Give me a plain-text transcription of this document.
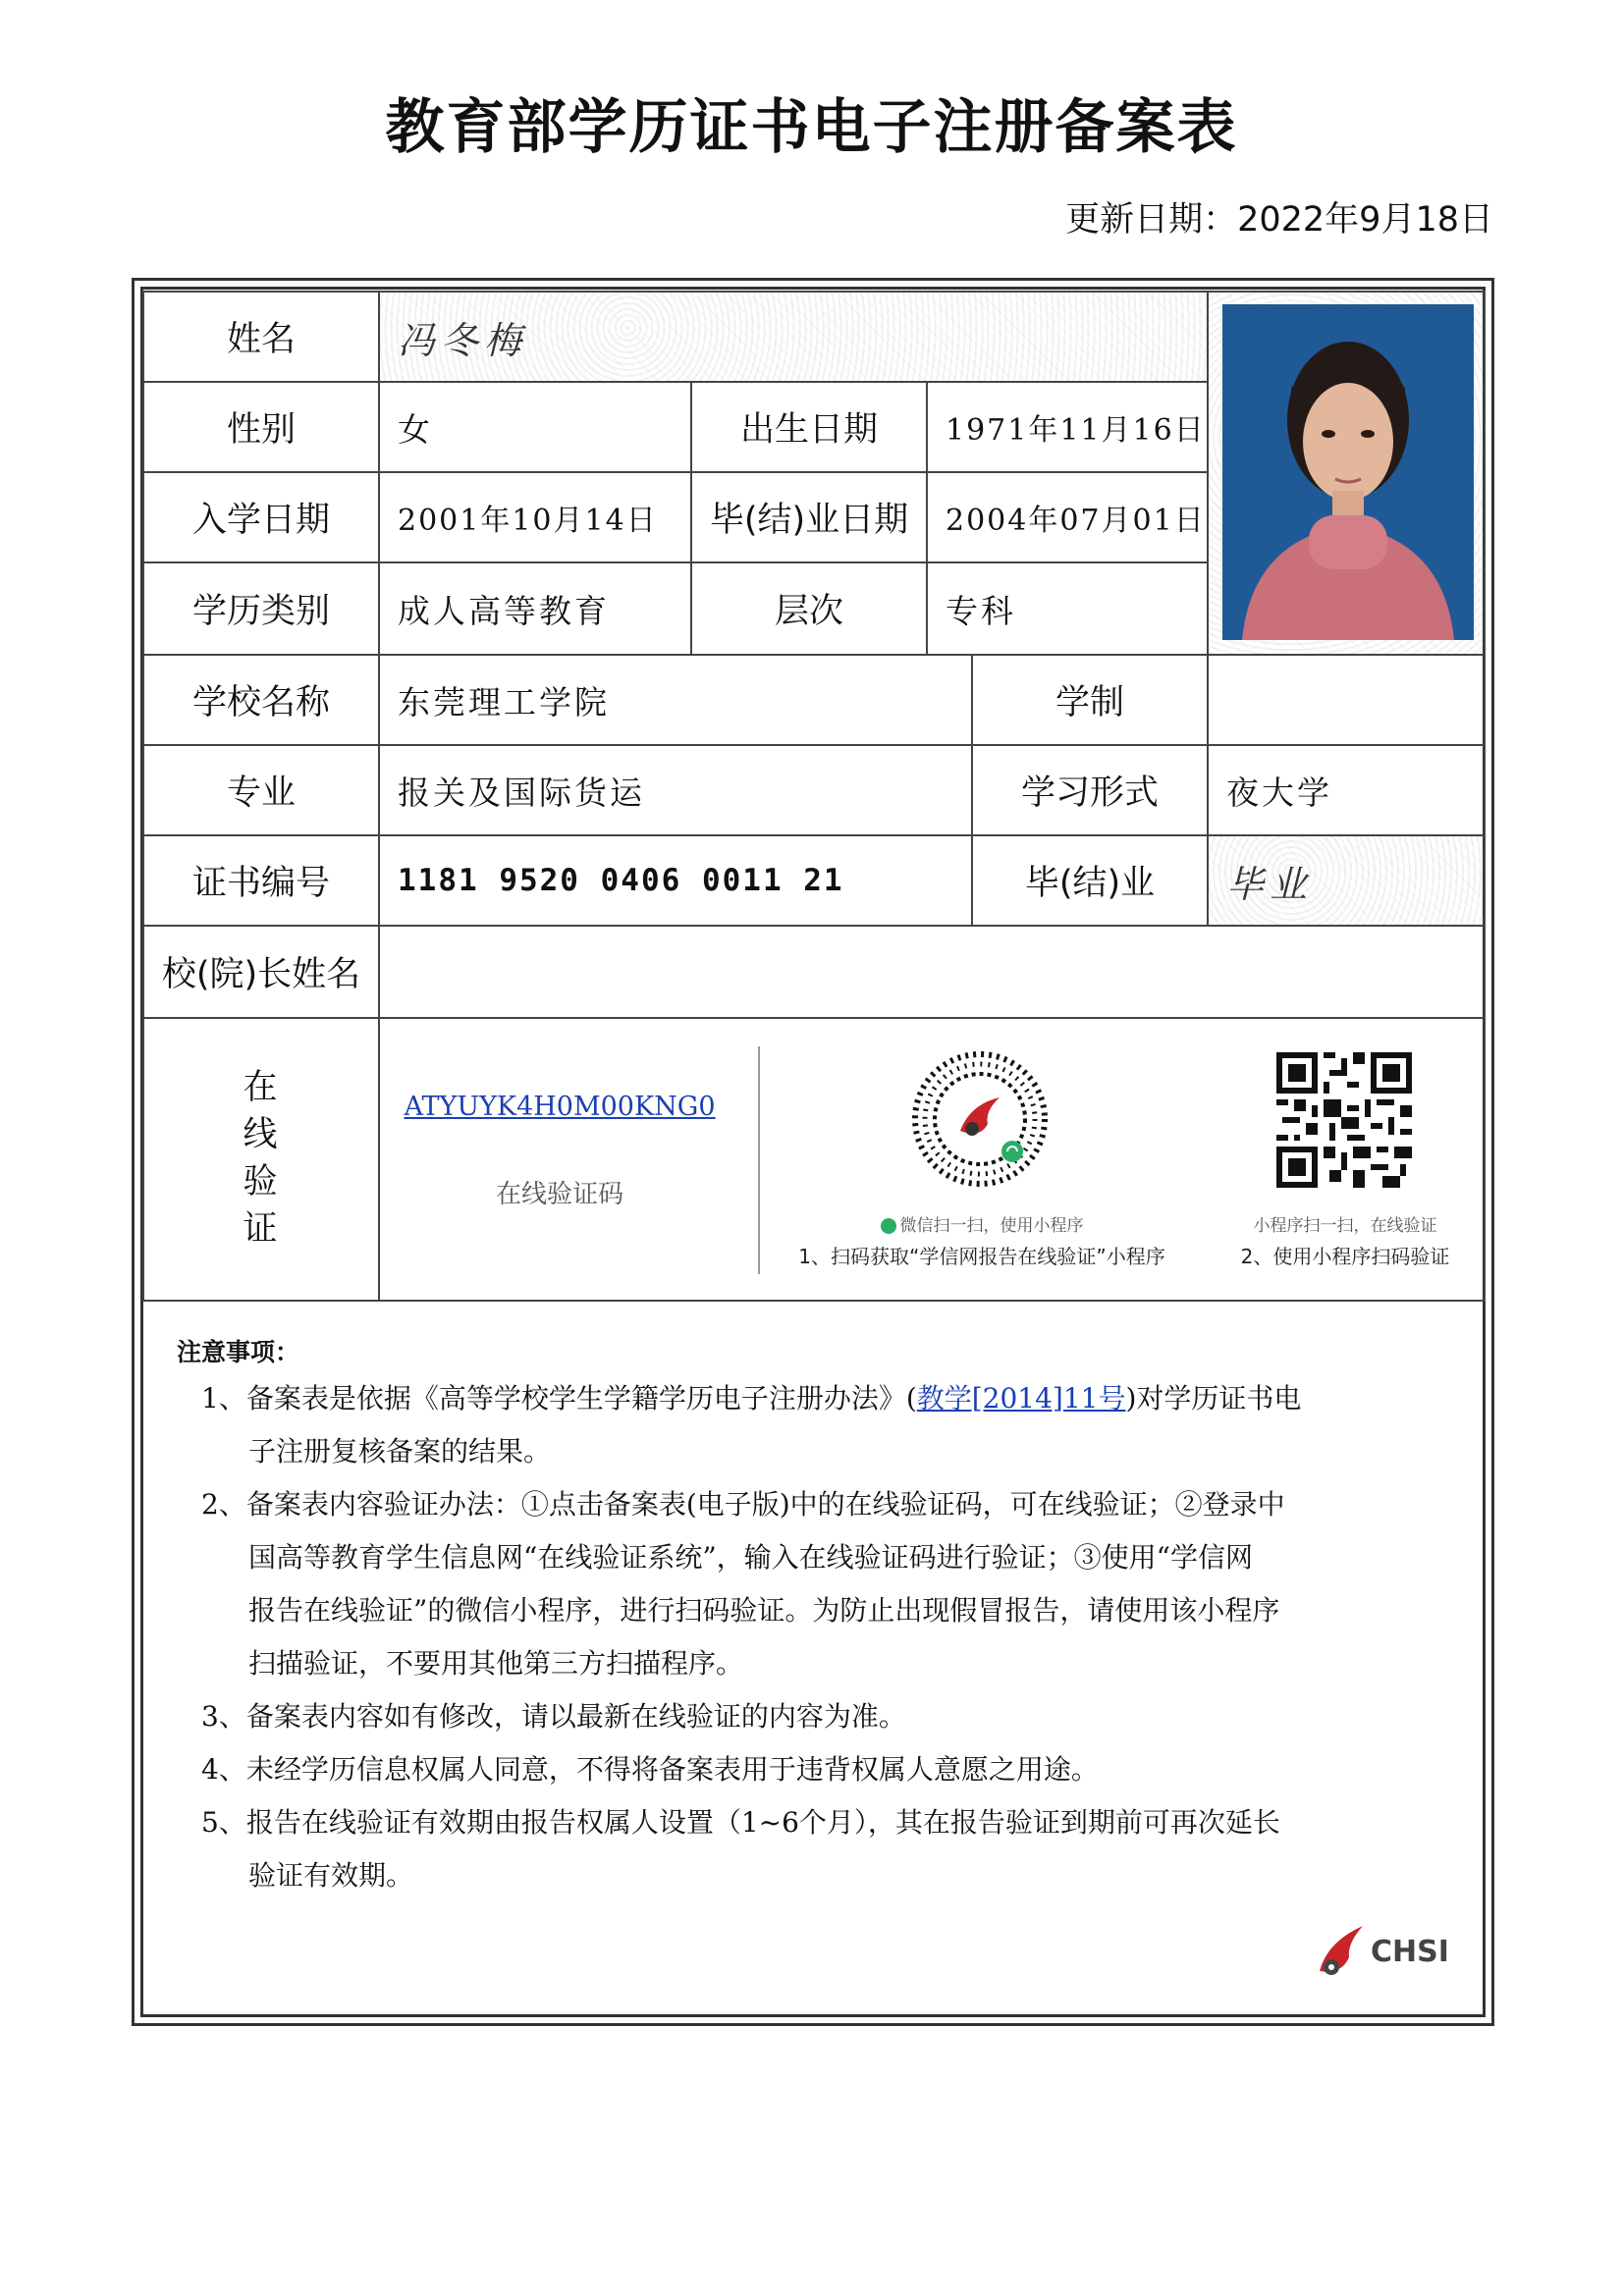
教育部学历证书电子注册备案表
更新日期：2022年9月18日
姓名	冯冬梅
性别	女	出生日期	1971年11月16日
入学日期	2001年10月14日	毕(结)业日期	2004年07月01日
学历类别	成人高等教育	层次	专科
学校名称	东莞理工学院	学制
专业	报关及国际货运	学习形式	夜大学
证书编号	1181 9520 0406 0011 21	毕(结)业	毕业
校(院)长姓名
在
线
验
证
ATYUYK4H0M00KNG0
在线验证码
微信扫一扫，使用小程序
1、扫码获取“学信网报告在线验证”小程序
小程序扫一扫，在线验证
2、使用小程序扫码验证
注意事项：

1、备案表是依据《高等学校学生学籍学历电子注册办法》(教学[2014]11号)对学历证书电

子注册复核备案的结果。

2、备案表内容验证办法：①点击备案表(电子版)中的在线验证码，可在线验证；②登录中

国高等教育学生信息网“在线验证系统”，输入在线验证码进行验证；③使用“学信网

报告在线验证”的微信小程序，进行扫码验证。为防止出现假冒报告，请使用该小程序

扫描验证，不要用其他第三方扫描程序。

3、备案表内容如有修改，请以最新在线验证的内容为准。

4、未经学历信息权属人同意，不得将备案表用于违背权属人意愿之用途。

5、报告在线验证有效期由报告权属人设置（1~6个月），其在报告验证到期前可再次延长

验证有效期。

CHSI
